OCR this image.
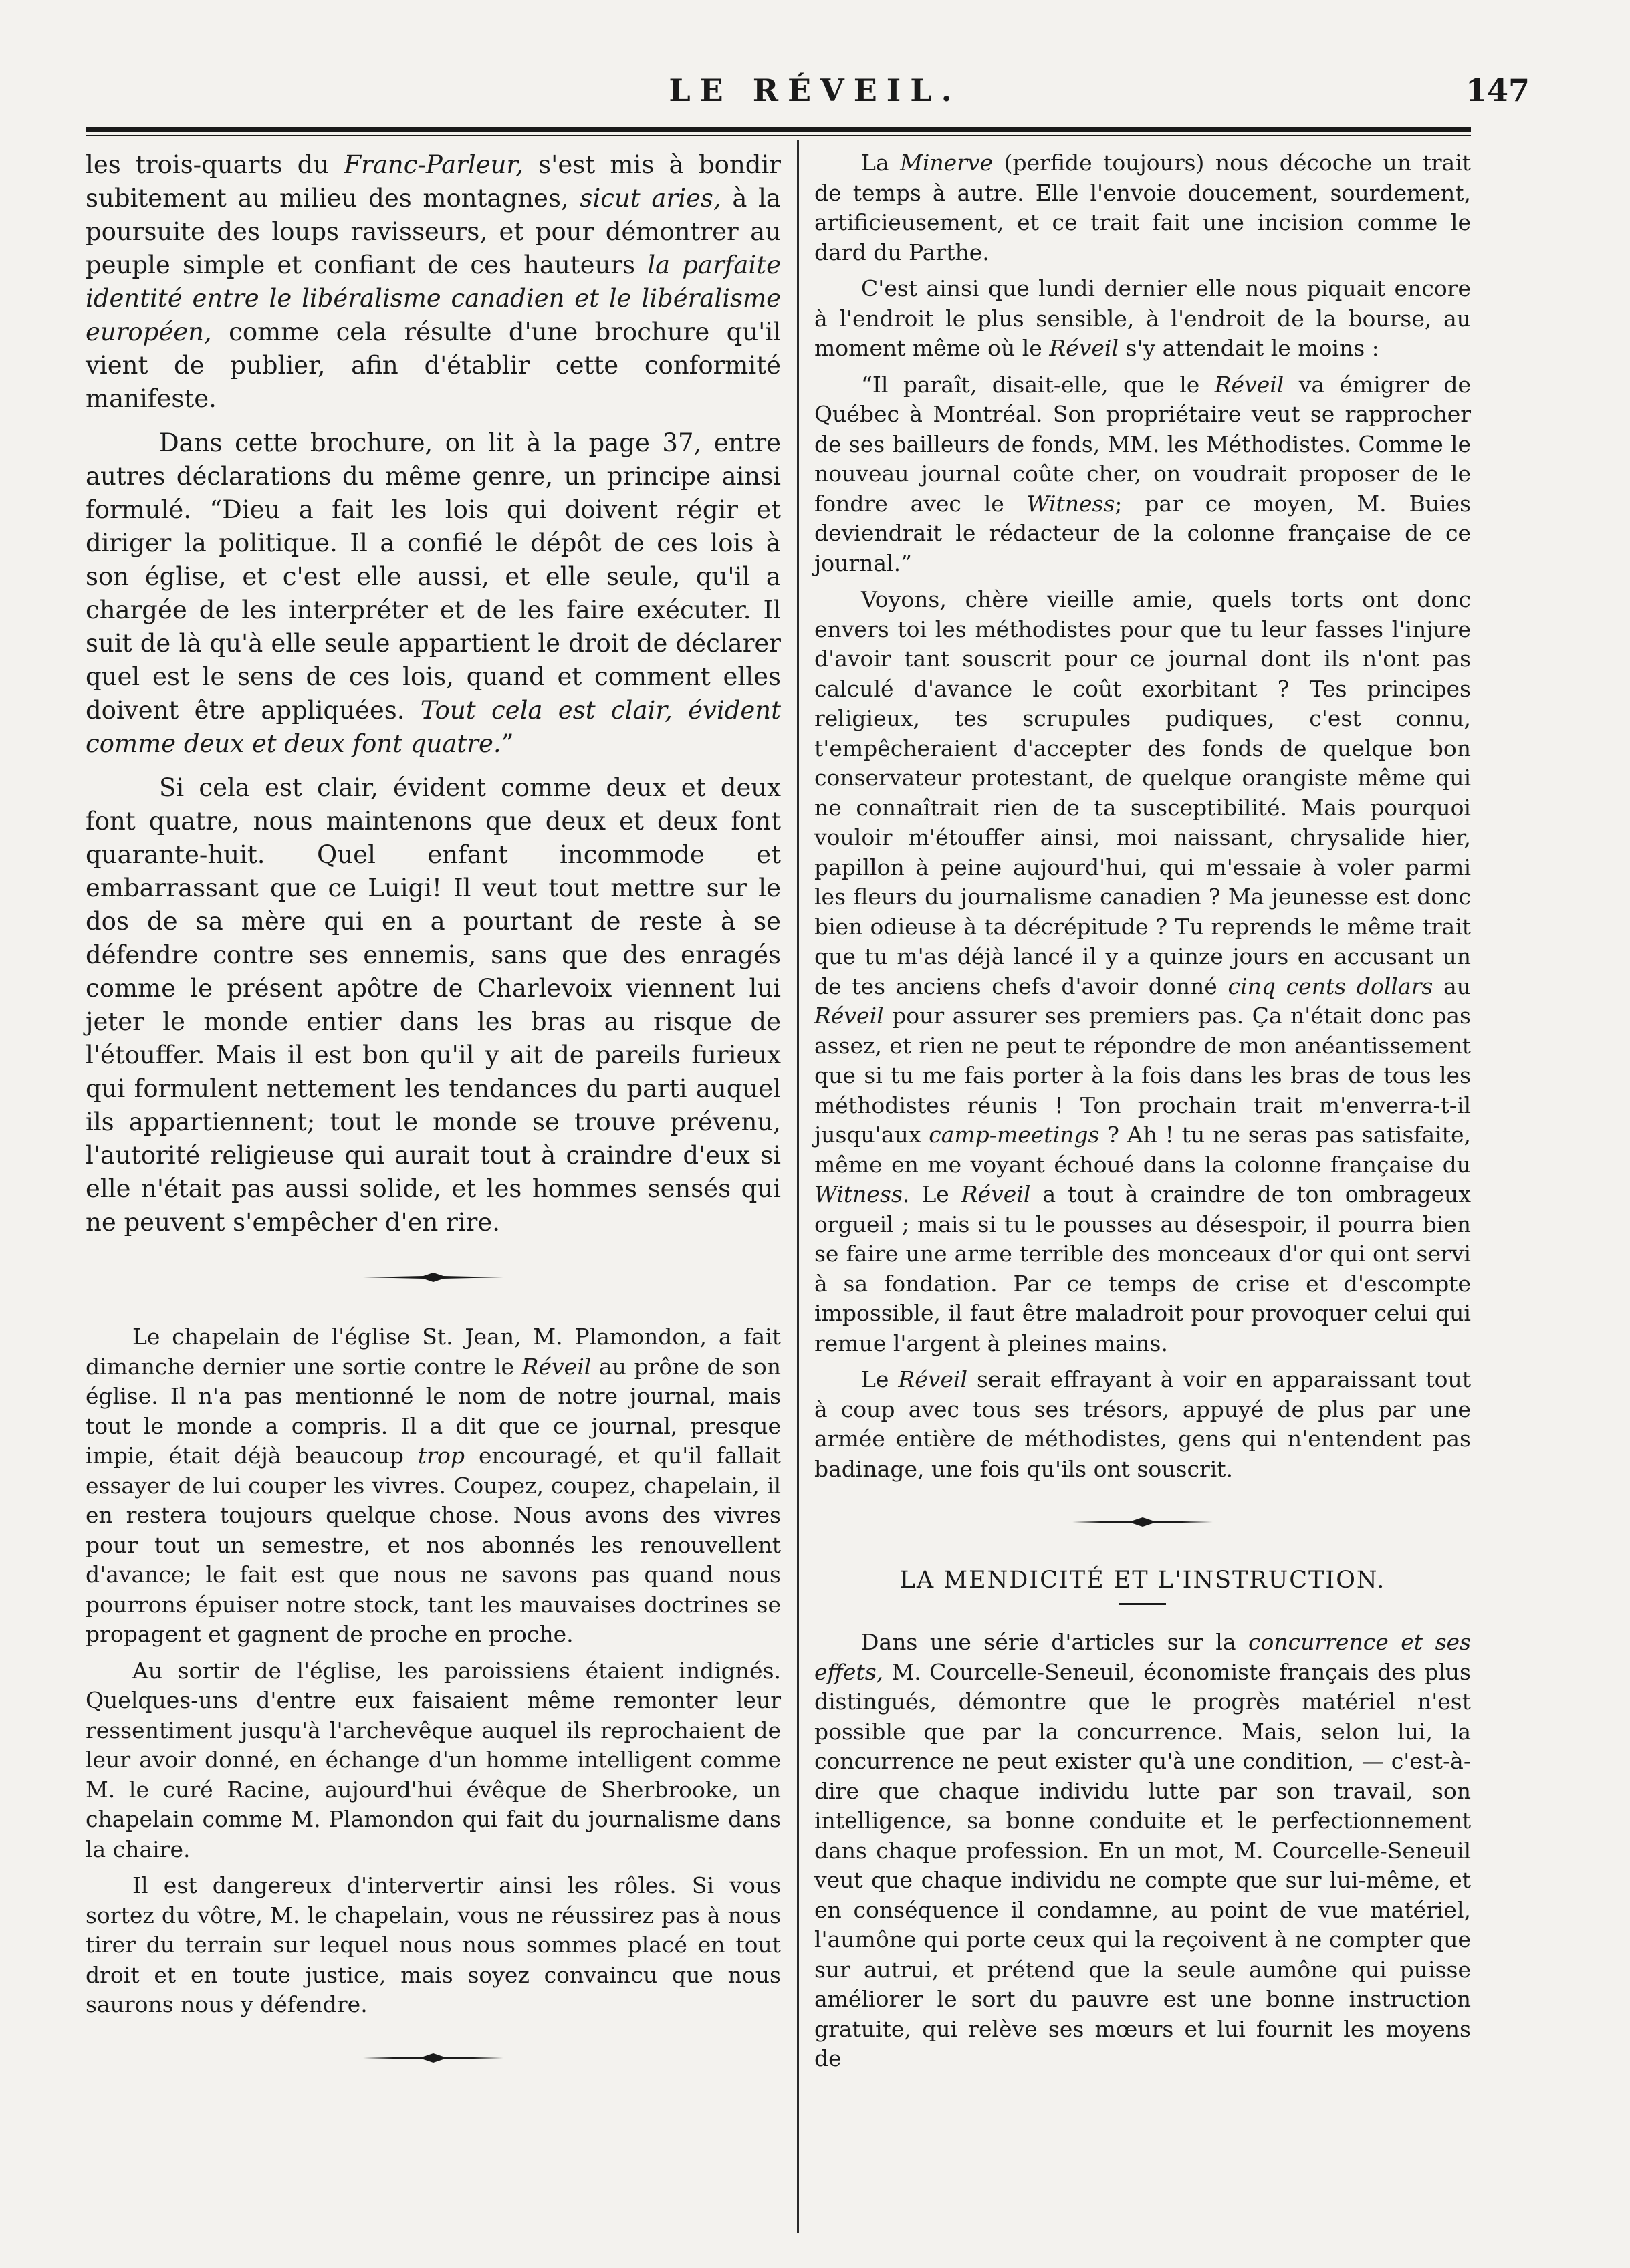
LE RÉVEIL.	147

les trois-quarts du Franc-Parleur, s'est mis à bondir subitement au milieu des montagnes, sicut aries, à la poursuite des loups ravisseurs, et pour démontrer au peuple simple et confiant de ces hauteurs la parfaite identité entre le libéralisme canadien et le libéralisme européen, comme cela résulte d'une brochure qu'il vient de publier, afin d'établir cette conformité manifeste.

Dans cette brochure, on lit à la page 37, entre autres déclarations du même genre, un principe ainsi formulé. “Dieu a fait les lois qui doivent régir et diriger la politique. Il a confié le dépôt de ces lois à son église, et c'est elle aussi, et elle seule, qu'il a chargée de les interpréter et de les faire exécuter. Il suit de là qu'à elle seule appartient le droit de déclarer quel est le sens de ces lois, quand et comment elles doivent être appliquées. Tout cela est clair, évident comme deux et deux font quatre.”

Si cela est clair, évident comme deux et deux font quatre, nous maintenons que deux et deux font quarante-huit. Quel enfant incommode et embarrassant que ce Luigi! Il veut tout mettre sur le dos de sa mère qui en a pourtant de reste à se défendre contre ses ennemis, sans que des enragés comme le présent apôtre de Charlevoix viennent lui jeter le monde entier dans les bras au risque de l'étouffer. Mais il est bon qu'il y ait de pareils furieux qui formulent nettement les tendances du parti auquel ils appartiennent; tout le monde se trouve prévenu, l'autorité religieuse qui aurait tout à craindre d'eux si elle n'était pas aussi solide, et les hommes sensés qui ne peuvent s'empêcher d'en rire.

Le chapelain de l'église St. Jean, M. Plamondon, a fait dimanche dernier une sortie contre le Réveil au prône de son église. Il n'a pas mentionné le nom de notre journal, mais tout le monde a compris. Il a dit que ce journal, presque impie, était déjà beaucoup trop encouragé, et qu'il fallait essayer de lui couper les vivres. Coupez, coupez, chapelain, il en restera toujours quelque chose. Nous avons des vivres pour tout un semestre, et nos abonnés les renouvellent d'avance; le fait est que nous ne savons pas quand nous pourrons épuiser notre stock, tant les mauvaises doctrines se propagent et gagnent de proche en proche.

Au sortir de l'église, les paroissiens étaient indignés. Quelques-uns d'entre eux faisaient même remonter leur ressentiment jusqu'à l'archevêque auquel ils reprochaient de leur avoir donné, en échange d'un homme intelligent comme M. le curé Racine, aujourd'hui évêque de Sherbrooke, un chapelain comme M. Plamondon qui fait du journalisme dans la chaire.

Il est dangereux d'intervertir ainsi les rôles. Si vous sortez du vôtre, M. le chapelain, vous ne réussirez pas à nous tirer du terrain sur lequel nous nous sommes placé en tout droit et en toute justice, mais soyez convaincu que nous saurons nous y défendre.

La Minerve (perfide toujours) nous décoche un trait de temps à autre. Elle l'envoie doucement, sourdement, artificieusement, et ce trait fait une incision comme le dard du Parthe.

C'est ainsi que lundi dernier elle nous piquait encore à l'endroit le plus sensible, à l'endroit de la bourse, au moment même où le Réveil s'y attendait le moins :

“Il paraît, disait-elle, que le Réveil va émigrer de Québec à Montréal. Son propriétaire veut se rapprocher de ses bailleurs de fonds, MM. les Méthodistes. Comme le nouveau journal coûte cher, on voudrait proposer de le fondre avec le Witness; par ce moyen, M. Buies deviendrait le rédacteur de la colonne française de ce journal.”

Voyons, chère vieille amie, quels torts ont donc envers toi les méthodistes pour que tu leur fasses l'injure d'avoir tant souscrit pour ce journal dont ils n'ont pas calculé d'avance le coût exorbitant ? Tes principes religieux, tes scrupules pudiques, c'est connu, t'empêcheraient d'accepter des fonds de quelque bon conservateur protestant, de quelque orangiste même qui ne connaîtrait rien de ta susceptibilité. Mais pourquoi vouloir m'étouffer ainsi, moi naissant, chrysalide hier, papillon à peine aujourd'hui, qui m'essaie à voler parmi les fleurs du journalisme canadien ? Ma jeunesse est donc bien odieuse à ta décrépitude ? Tu reprends le même trait que tu m'as déjà lancé il y a quinze jours en accusant un de tes anciens chefs d'avoir donné cinq cents dollars au Réveil pour assurer ses premiers pas. Ça n'était donc pas assez, et rien ne peut te répondre de mon anéantissement que si tu me fais porter à la fois dans les bras de tous les méthodistes réunis ! Ton prochain trait m'enverra-t-il jusqu'aux camp-meetings ? Ah ! tu ne seras pas satisfaite, même en me voyant échoué dans la colonne française du Witness. Le Réveil a tout à craindre de ton ombrageux orgueil ; mais si tu le pousses au désespoir, il pourra bien se faire une arme terrible des monceaux d'or qui ont servi à sa fondation. Par ce temps de crise et d'escompte impossible, il faut être maladroit pour provoquer celui qui remue l'argent à pleines mains.

Le Réveil serait effrayant à voir en apparaissant tout à coup avec tous ses trésors, appuyé de plus par une armée entière de méthodistes, gens qui n'entendent pas badinage, une fois qu'ils ont souscrit.

LA MENDICITÉ ET L'INSTRUCTION.

Dans une série d'articles sur la concurrence et ses effets, M. Courcelle-Seneuil, économiste français des plus distingués, démontre que le progrès matériel n'est possible que par la concurrence. Mais, selon lui, la concurrence ne peut exister qu'à une condition, — c'est-à-dire que chaque individu lutte par son travail, son intelligence, sa bonne conduite et le perfectionnement dans chaque profession. En un mot, M. Courcelle-Seneuil veut que chaque individu ne compte que sur lui-même, et en conséquence il condamne, au point de vue matériel, l'aumône qui porte ceux qui la reçoivent à ne compter que sur autrui, et prétend que la seule aumône qui puisse améliorer le sort du pauvre est une bonne instruction gratuite, qui relève ses mœurs et lui fournit les moyens de
